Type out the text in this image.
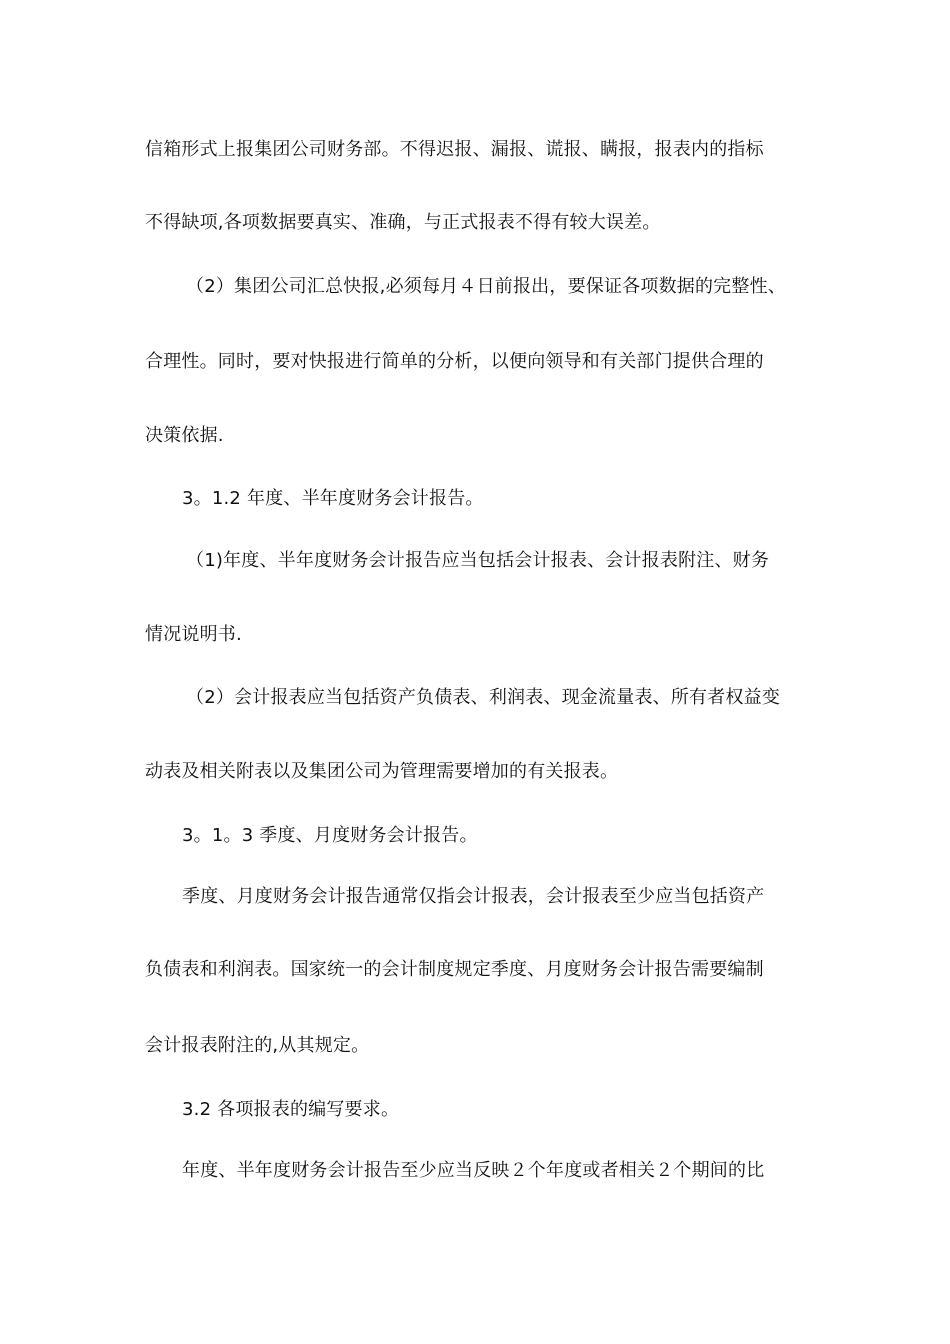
信箱形式上报集团公司财务部。不得迟报、漏报、谎报、瞒报，报表内的指标
不得缺项,各项数据要真实、准确，与正式报表不得有较大误差。
（2）集团公司汇总快报,必须每月４日前报出，要保证各项数据的完整性、
合理性。同时，要对快报进行简单的分析，以便向领导和有关部门提供合理的
决策依据.
3。1.2 年度、半年度财务会计报告。
（1)年度、半年度财务会计报告应当包括会计报表、会计报表附注、财务
情况说明书.
（2）会计报表应当包括资产负债表、利润表、现金流量表、所有者权益变
动表及相关附表以及集团公司为管理需要增加的有关报表。
3。1。3 季度、月度财务会计报告。
季度、月度财务会计报告通常仅指会计报表，会计报表至少应当包括资产
负债表和利润表。国家统一的会计制度规定季度、月度财务会计报告需要编制
会计报表附注的,从其规定。
3.2 各项报表的编写要求。
年度、半年度财务会计报告至少应当反映２个年度或者相关２个期间的比
